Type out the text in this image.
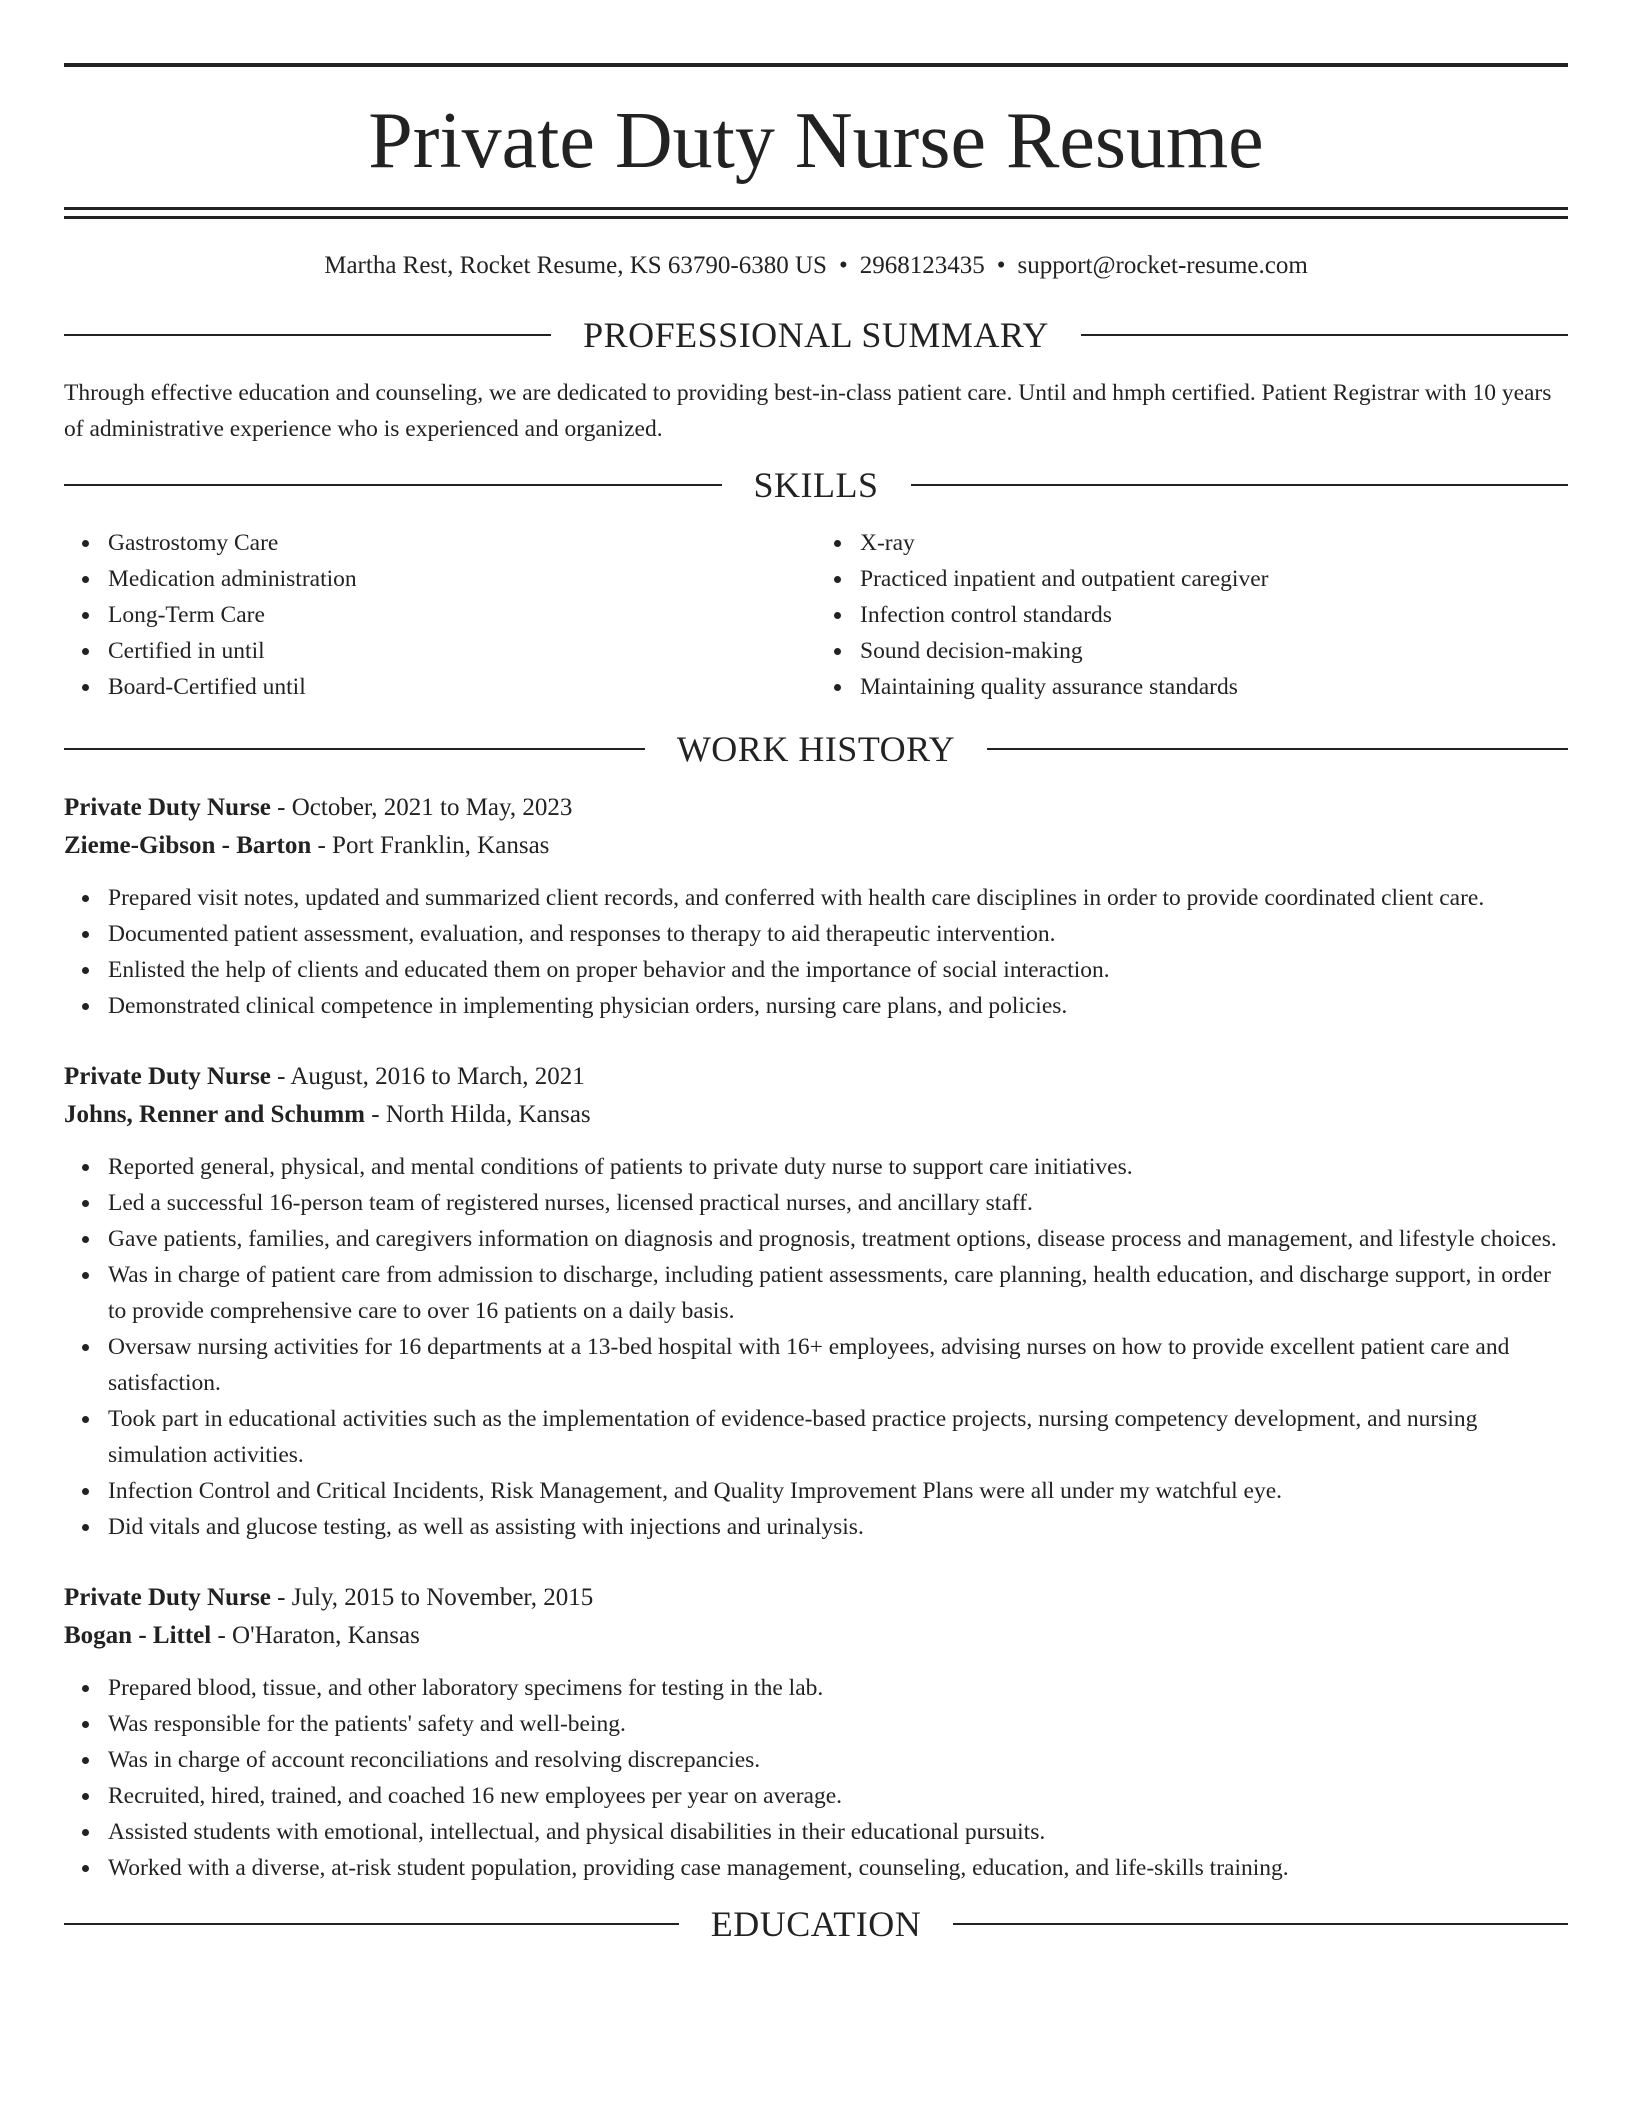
Private Duty Nurse Resume
Martha Rest, Rocket Resume, KS 63790-6380 US • 2968123435 • support@rocket-resume.com
PROFESSIONAL SUMMARY

Through effective education and counseling, we are dedicated to providing best-in-class patient care. Until and hmph certified. Patient Registrar with 10 years of administrative experience who is experienced and organized.

SKILLS
Gastrostomy Care
Medication administration
Long-Term Care
Certified in until
Board-Certified until
X-ray
Practiced inpatient and outpatient caregiver
Infection control standards
Sound decision-making
Maintaining quality assurance standards
WORK HISTORY
Private Duty Nurse - October, 2021 to May, 2023
Zieme-Gibson - Barton - Port Franklin, Kansas
Prepared visit notes, updated and summarized client records, and conferred with health care disciplines in order to provide coordinated client care.
Documented patient assessment, evaluation, and responses to therapy to aid therapeutic intervention.
Enlisted the help of clients and educated them on proper behavior and the importance of social interaction.
Demonstrated clinical competence in implementing physician orders, nursing care plans, and policies.
Private Duty Nurse - August, 2016 to March, 2021
Johns, Renner and Schumm - North Hilda, Kansas
Reported general, physical, and mental conditions of patients to private duty nurse to support care initiatives.
Led a successful 16-person team of registered nurses, licensed practical nurses, and ancillary staff.
Gave patients, families, and caregivers information on diagnosis and prognosis, treatment options, disease process and management, and lifestyle choices.
Was in charge of patient care from admission to discharge, including patient assessments, care planning, health education, and discharge support, in order to provide comprehensive care to over 16 patients on a daily basis.
Oversaw nursing activities for 16 departments at a 13-bed hospital with 16+ employees, advising nurses on how to provide excellent patient care and satisfaction.
Took part in educational activities such as the implementation of evidence-based practice projects, nursing competency development, and nursing simulation activities.
Infection Control and Critical Incidents, Risk Management, and Quality Improvement Plans were all under my watchful eye.
Did vitals and glucose testing, as well as assisting with injections and urinalysis.
Private Duty Nurse - July, 2015 to November, 2015
Bogan - Littel - O'Haraton, Kansas
Prepared blood, tissue, and other laboratory specimens for testing in the lab.
Was responsible for the patients' safety and well-being.
Was in charge of account reconciliations and resolving discrepancies.
Recruited, hired, trained, and coached 16 new employees per year on average.
Assisted students with emotional, intellectual, and physical disabilities in their educational pursuits.
Worked with a diverse, at-risk student population, providing case management, counseling, education, and life-skills training.
EDUCATION
